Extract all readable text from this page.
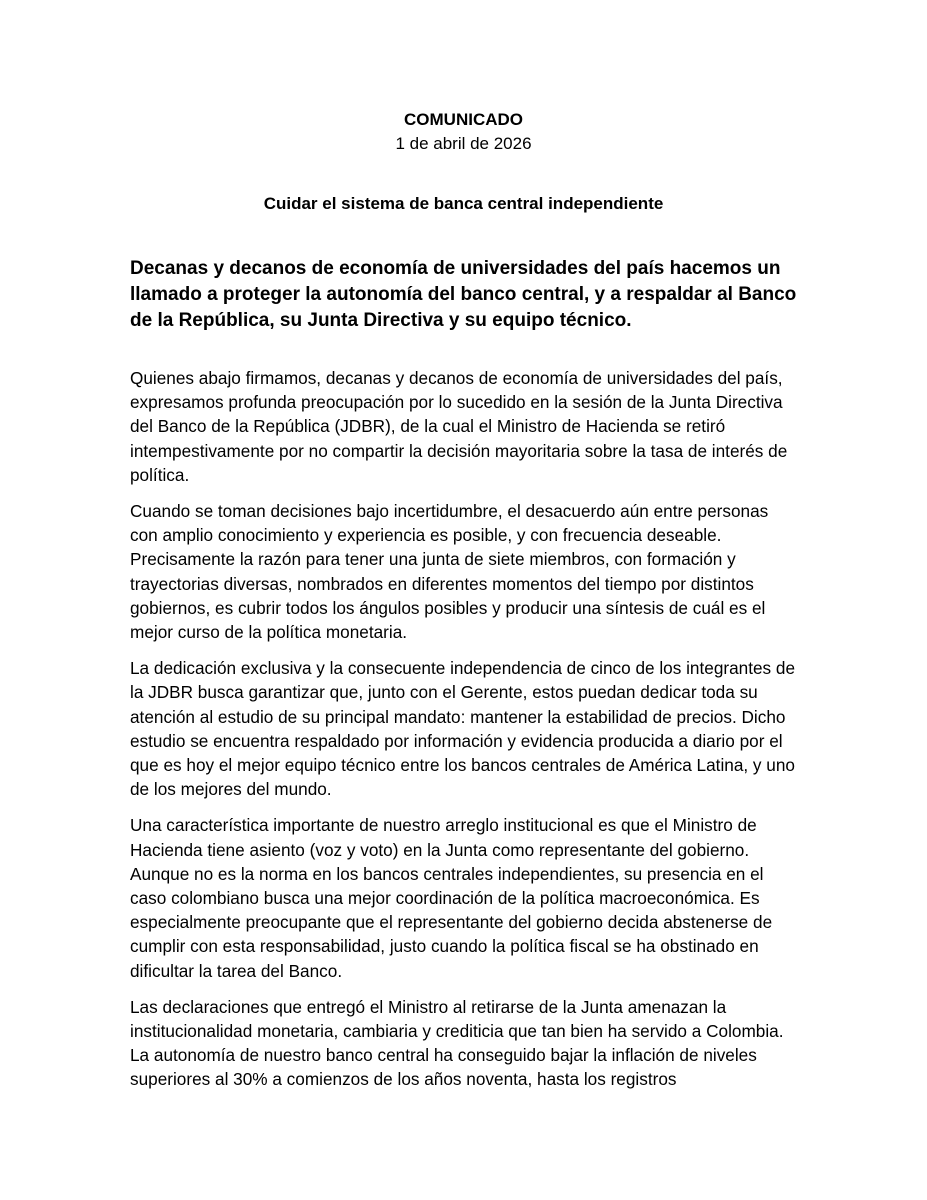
COMUNICADO
1 de abril de 2026
Cuidar el sistema de banca central independiente

Decanas y decanos de economía de universidades del país hacemos un llamado a proteger la autonomía del banco central, y a respaldar al Banco de la República, su Junta Directiva y su equipo técnico.

Quienes abajo firmamos, decanas y decanos de economía de universidades del país, expresamos profunda preocupación por lo sucedido en la sesión de la Junta Directiva del Banco de la República (JDBR), de la cual el Ministro de Hacienda se retiró intempestivamente por no compartir la decisión mayoritaria sobre la tasa de interés de política.

Cuando se toman decisiones bajo incertidumbre, el desacuerdo aún entre personas con amplio conocimiento y experiencia es posible, y con frecuencia deseable. Precisamente la razón para tener una junta de siete miembros, con formación y trayectorias diversas, nombrados en diferentes momentos del tiempo por distintos gobiernos, es cubrir todos los ángulos posibles y producir una síntesis de cuál es el mejor curso de la política monetaria.

La dedicación exclusiva y la consecuente independencia de cinco de los integrantes de la JDBR busca garantizar que, junto con el Gerente, estos puedan dedicar toda su atención al estudio de su principal mandato: mantener la estabilidad de precios. Dicho estudio se encuentra respaldado por información y evidencia producida a diario por el que es hoy el mejor equipo técnico entre los bancos centrales de América Latina, y uno de los mejores del mundo.

Una característica importante de nuestro arreglo institucional es que el Ministro de Hacienda tiene asiento (voz y voto) en la Junta como representante del gobierno. Aunque no es la norma en los bancos centrales independientes, su presencia en el caso colombiano busca una mejor coordinación de la política macroeconómica. Es especialmente preocupante que el representante del gobierno decida abstenerse de cumplir con esta responsabilidad, justo cuando la política fiscal se ha obstinado en dificultar la tarea del Banco.

Las declaraciones que entregó el Ministro al retirarse de la Junta amenazan la institucionalidad monetaria, cambiaria y crediticia que tan bien ha servido a Colombia. La autonomía de nuestro banco central ha conseguido bajar la inflación de niveles superiores al 30% a comienzos de los años noventa, hasta los registros
